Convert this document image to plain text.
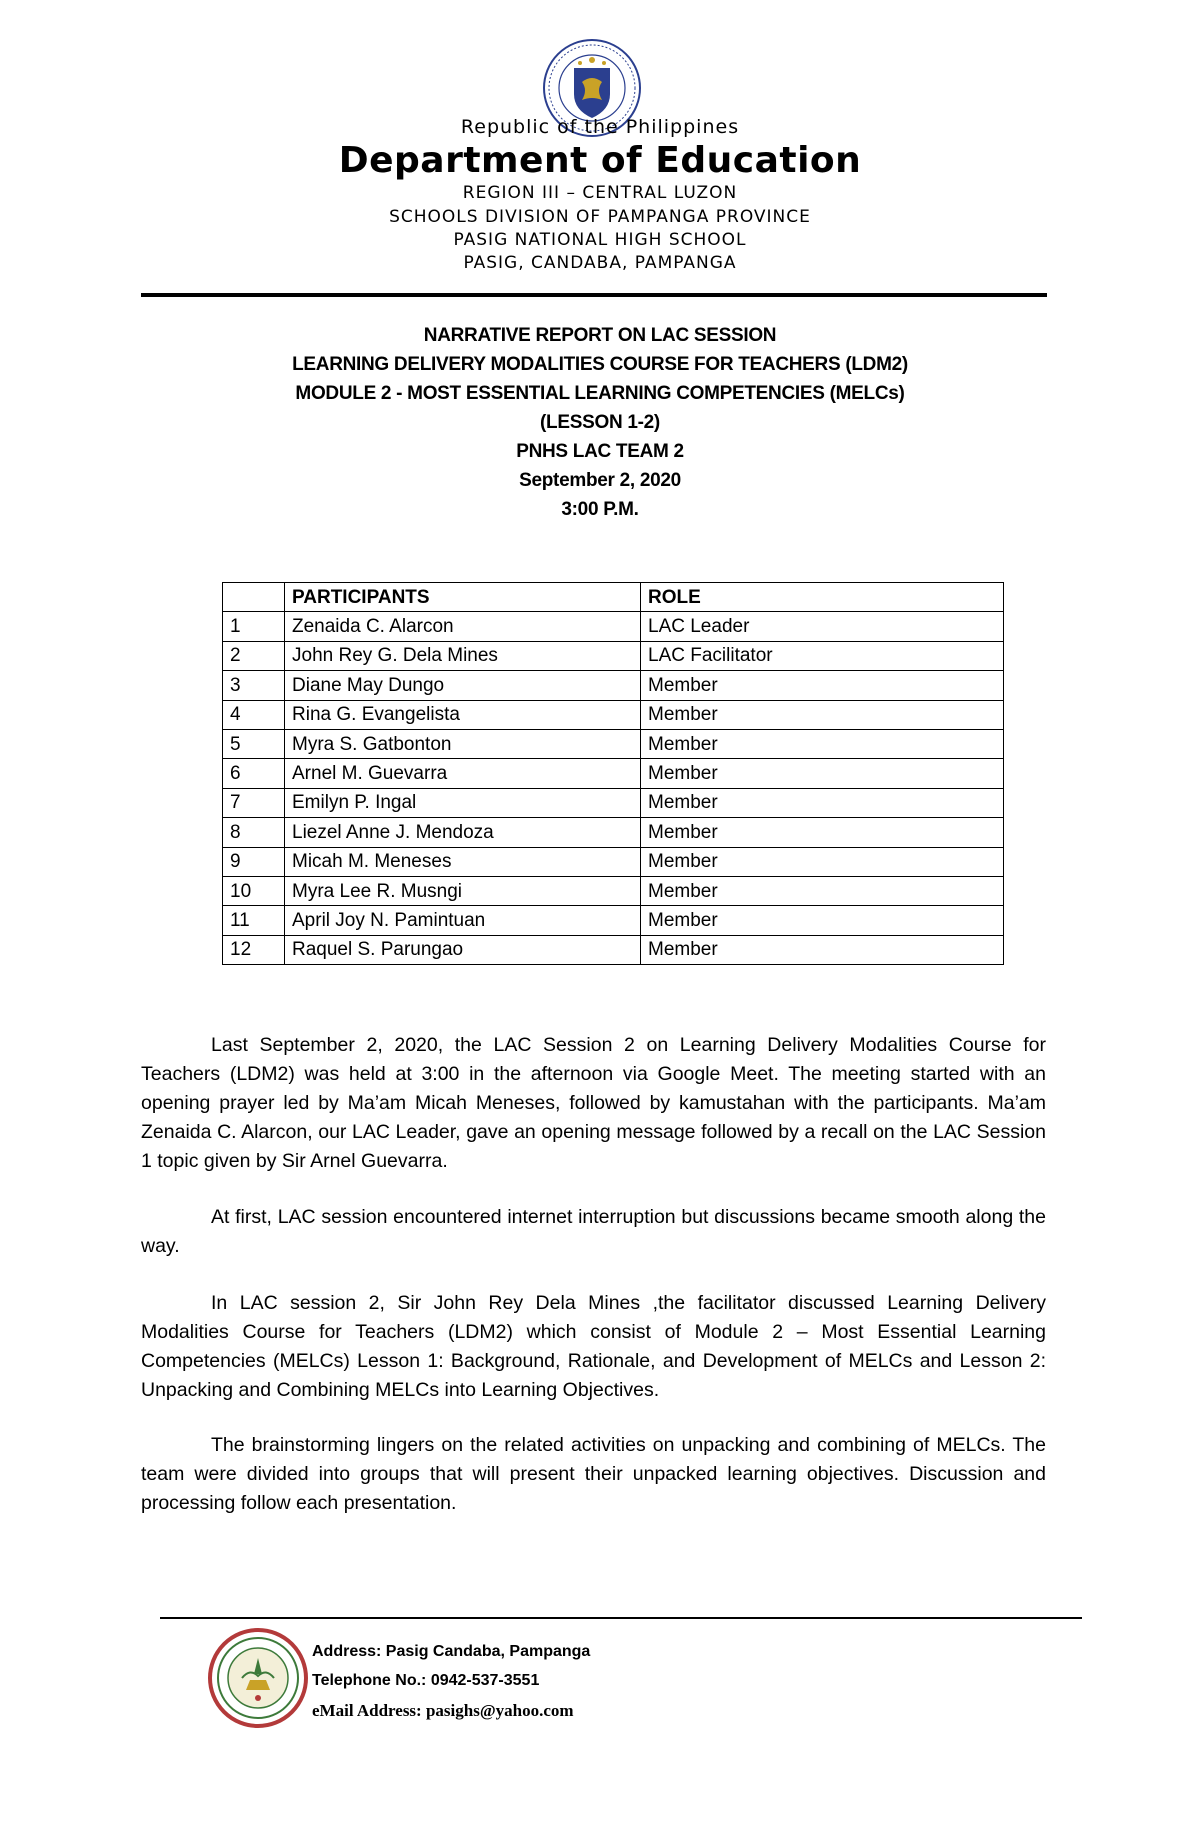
Republic of the Philippines
Department of Education
REGION III – CENTRAL LUZON
SCHOOLS DIVISION OF PAMPANGA PROVINCE
PASIG NATIONAL HIGH SCHOOL
PASIG, CANDABA, PAMPANGA
NARRATIVE REPORT ON LAC SESSION
LEARNING DELIVERY MODALITIES COURSE FOR TEACHERS (LDM2)
MODULE 2 - MOST ESSENTIAL LEARNING COMPETENCIES (MELCs)
(LESSON 1-2)
PNHS LAC TEAM 2
September 2, 2020
3:00 P.M.
	PARTICIPANTS	ROLE
1	Zenaida C. Alarcon	LAC Leader
2	John Rey G. Dela Mines	LAC Facilitator
3	Diane May Dungo	Member
4	Rina G. Evangelista	Member
5	Myra S. Gatbonton	Member
6	Arnel M. Guevarra	Member
7	Emilyn P. Ingal	Member
8	Liezel Anne J. Mendoza	Member
9	Micah M. Meneses	Member
10	Myra Lee R. Musngi	Member
11	April Joy N. Pamintuan	Member
12	Raquel S. Parungao	Member
Last September 2, 2020, the LAC Session 2 on Learning Delivery Modalities Course for Teachers (LDM2) was held at 3:00 in the afternoon via Google Meet. The meeting started with an opening prayer led by Ma’am Micah Meneses, followed by kamustahan with the participants. Ma’am Zenaida C. Alarcon, our LAC Leader, gave an opening message followed by a recall on the LAC Session 1 topic given by Sir Arnel Guevarra.
At first, LAC session encountered internet interruption but discussions became smooth along the way.
In LAC session 2, Sir John Rey Dela Mines ,the facilitator discussed Learning Delivery Modalities Course for Teachers (LDM2) which consist of Module 2 – Most Essential Learning Competencies (MELCs) Lesson 1: Background, Rationale, and Development of MELCs and Lesson 2: Unpacking and Combining MELCs into Learning Objectives.
The brainstorming lingers on the related activities on unpacking and combining of MELCs. The team were divided into groups that will present their unpacked learning objectives. Discussion and processing follow each presentation.
Address: Pasig Candaba, Pampanga
Telephone No.: 0942-537-3551
eMail Address: pasighs@yahoo.com
